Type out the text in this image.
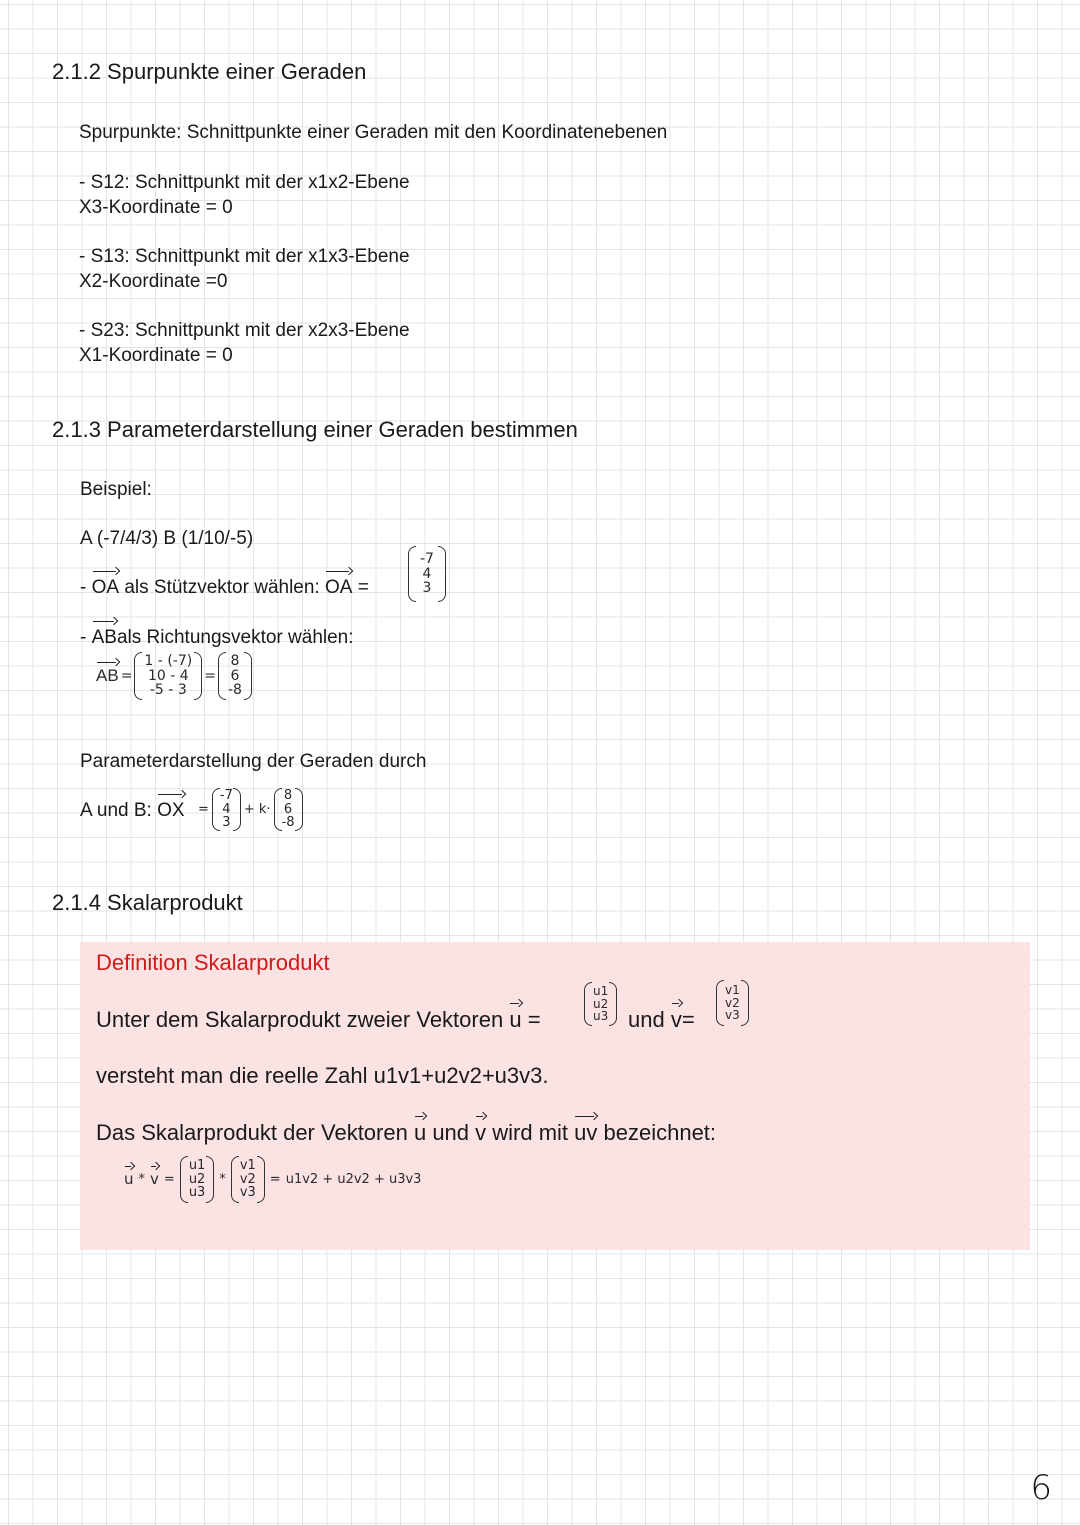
2.1.2 Spurpunkte einer Geraden
Spurpunkte: Schnittpunkte einer Geraden mit den Koordinatenebenen
- S12: Schnittpunkt mit der x1x2-Ebene
X3-Koordinate = 0
- S13: Schnittpunkt mit der x1x3-Ebene
X2-Koordinate =0
- S23: Schnittpunkt mit der x2x3-Ebene
X1-Koordinate = 0
2.1.3 Parameterdarstellung einer Geraden bestimmen
Beispiel:
A (-7/4/3) B (1/10/-5)
-
OA als Stützvektor wählen:
OA =
-7
4
3
-
ABals Richtungsvektor wählen:
AB =
1 - (-7)
10 - 4
-5 - 3
=
8
6
-8
Parameterdarstellung der Geraden durch
A und B:
OX =
-7
4
3
+ k·
8
6
-8
2.1.4 Skalarprodukt
Definition Skalarprodukt
Unter dem Skalarprodukt zweier Vektoren
u =
u1
u2
u3 und
v=
v1
v2
v3
versteht man die reelle Zahl u1v1+u2v2+u3v3.
Das Skalarprodukt der Vektoren
u und
v wird mit
uv bezeichnet:
u * v =
u1
u2
u3
*
v1
v2
v3
= u1v2 + u2v2 + u3v3
6
